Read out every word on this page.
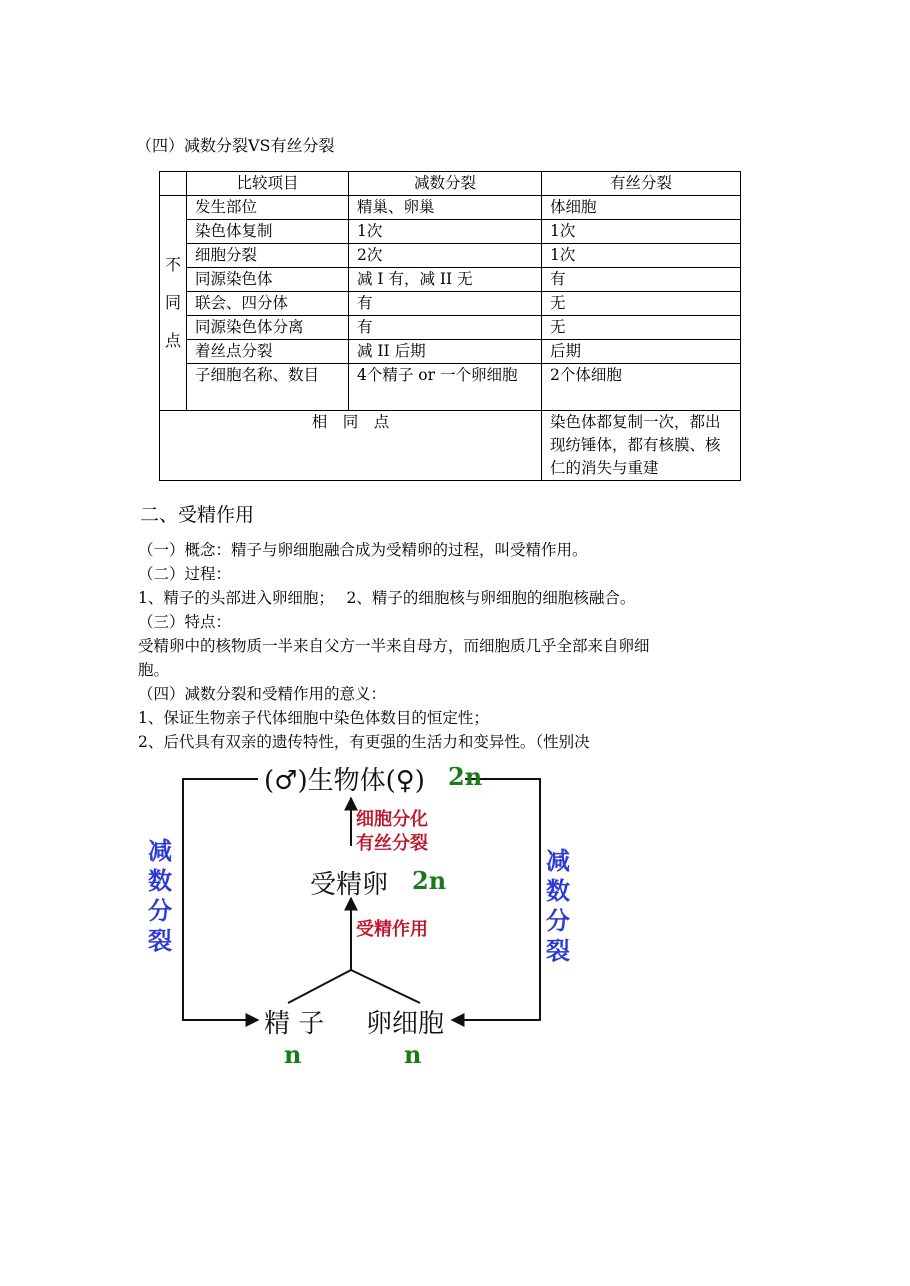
（四）减数分裂VS有丝分裂
	比较项目	减数分裂	有丝分裂

不
同
点	发生部位	精巢、卵巢	体细胞
	染色体复制	1次	1次
	细胞分裂	2次	1次
	同源染色体	减 I 有，减 II 无	有
	联会、四分体	有	无
	同源染色体分离	有	无
	着丝点分裂	减 II 后期	后期
	子细胞名称、数目	4个精子 or 一个卵细胞	2个体细胞
相　同　点			染色体都复制一次，都出现纺锤体，都有核膜、核仁的消失与重建
二、受精作用
（一）概念：精子与卵细胞融合成为受精卵的过程，叫受精作用。
（二）过程：
1、精子的头部进入卵细胞；　 2、精子的细胞核与卵细胞的细胞核融合。
（三）特点：
受精卵中的核物质一半来自父方一半来自母方，而细胞质几乎全部来自卵细
胞。
（四）减数分裂和受精作用的意义：
1、保证生物亲子代体细胞中染色体数目的恒定性；
2、后代具有双亲的遗传特性，有更强的生活力和变异性。（性别决
(♂)生物体(♀) 2n
细胞分化
有丝分裂
受精卵 2n
受精作用
精 子 卵细胞
n	n
减
数
分
裂
减
数
分
裂
